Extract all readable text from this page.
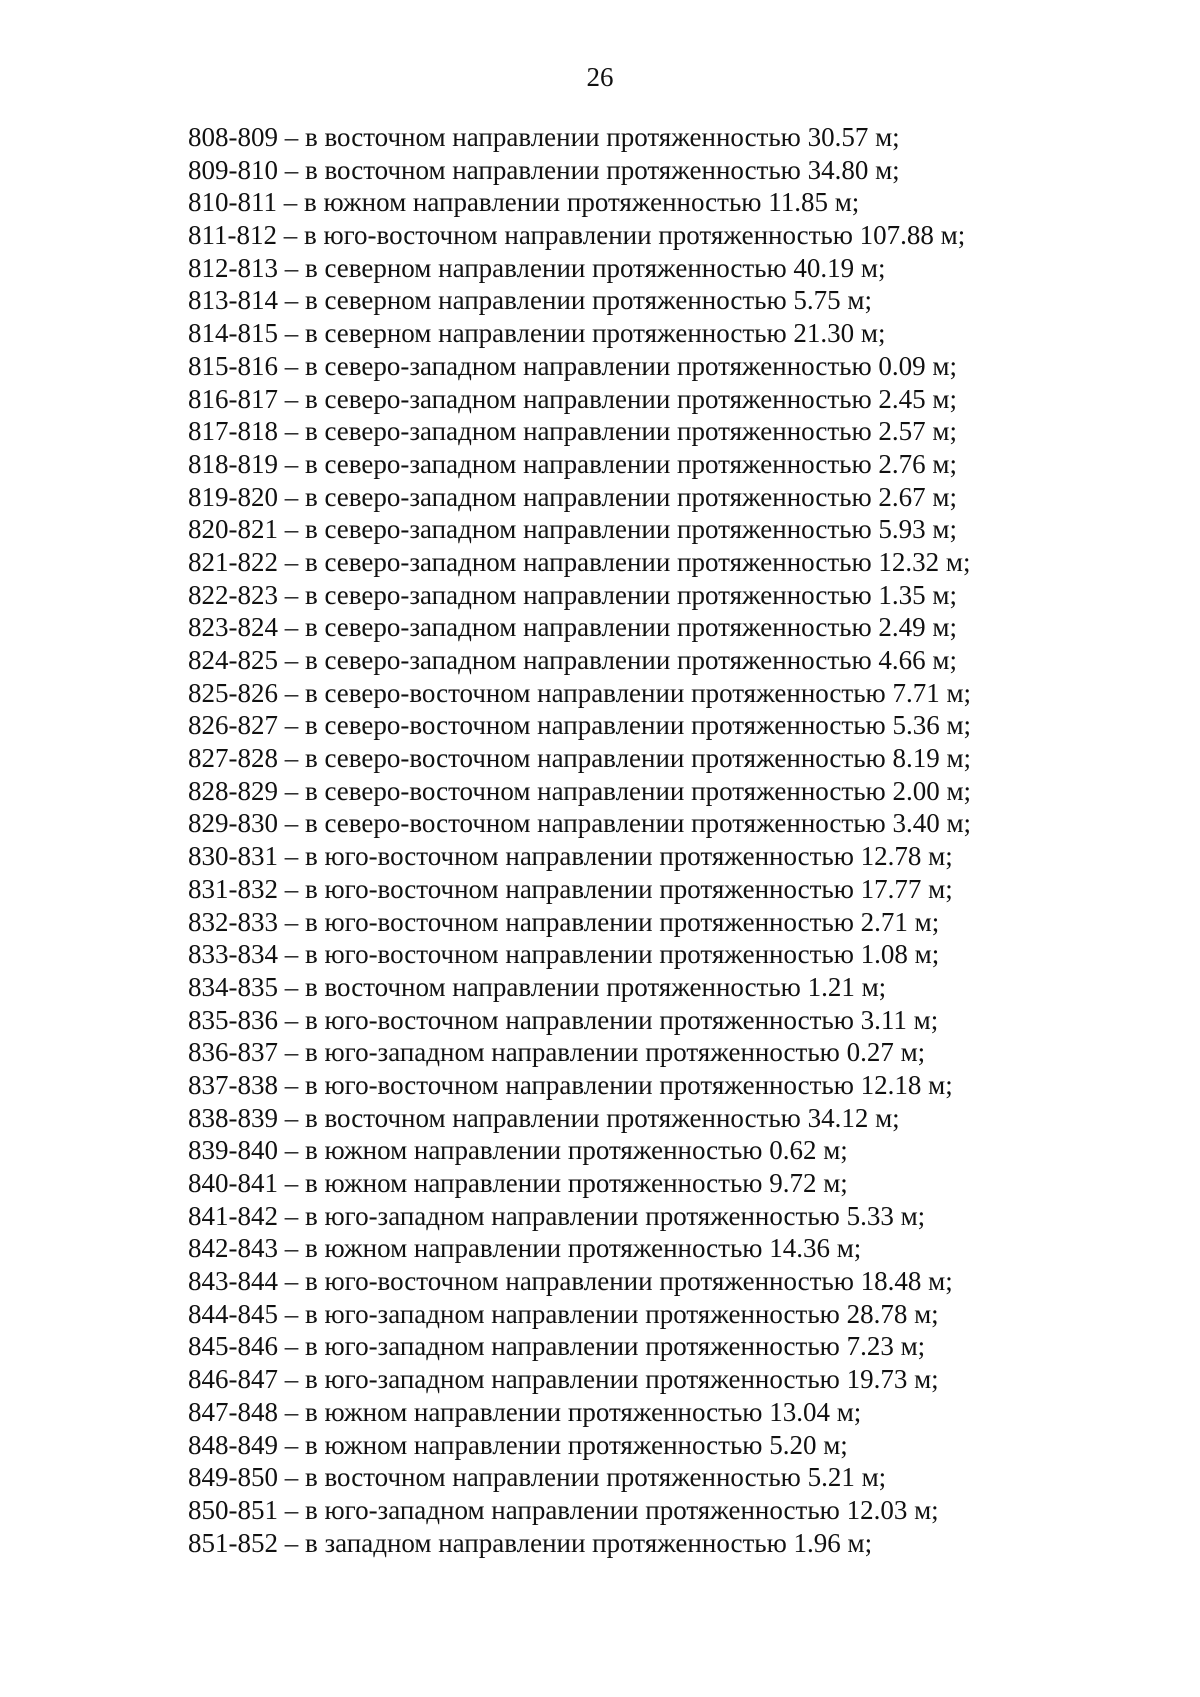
26
808-809 – в восточном направлении протяженностью 30.57 м;
809-810 – в восточном направлении протяженностью 34.80 м;
810-811 – в южном направлении протяженностью 11.85 м;
811-812 – в юго-восточном направлении протяженностью 107.88 м;
812-813 – в северном направлении протяженностью 40.19 м;
813-814 – в северном направлении протяженностью 5.75 м;
814-815 – в северном направлении протяженностью 21.30 м;
815-816 – в северо-западном направлении протяженностью 0.09 м;
816-817 – в северо-западном направлении протяженностью 2.45 м;
817-818 – в северо-западном направлении протяженностью 2.57 м;
818-819 – в северо-западном направлении протяженностью 2.76 м;
819-820 – в северо-западном направлении протяженностью 2.67 м;
820-821 – в северо-западном направлении протяженностью 5.93 м;
821-822 – в северо-западном направлении протяженностью 12.32 м;
822-823 – в северо-западном направлении протяженностью 1.35 м;
823-824 – в северо-западном направлении протяженностью 2.49 м;
824-825 – в северо-западном направлении протяженностью 4.66 м;
825-826 – в северо-восточном направлении протяженностью 7.71 м;
826-827 – в северо-восточном направлении протяженностью 5.36 м;
827-828 – в северо-восточном направлении протяженностью 8.19 м;
828-829 – в северо-восточном направлении протяженностью 2.00 м;
829-830 – в северо-восточном направлении протяженностью 3.40 м;
830-831 – в юго-восточном направлении протяженностью 12.78 м;
831-832 – в юго-восточном направлении протяженностью 17.77 м;
832-833 – в юго-восточном направлении протяженностью 2.71 м;
833-834 – в юго-восточном направлении протяженностью 1.08 м;
834-835 – в восточном направлении протяженностью 1.21 м;
835-836 – в юго-восточном направлении протяженностью 3.11 м;
836-837 – в юго-западном направлении протяженностью 0.27 м;
837-838 – в юго-восточном направлении протяженностью 12.18 м;
838-839 – в восточном направлении протяженностью 34.12 м;
839-840 – в южном направлении протяженностью 0.62 м;
840-841 – в южном направлении протяженностью 9.72 м;
841-842 – в юго-западном направлении протяженностью 5.33 м;
842-843 – в южном направлении протяженностью 14.36 м;
843-844 – в юго-восточном направлении протяженностью 18.48 м;
844-845 – в юго-западном направлении протяженностью 28.78 м;
845-846 – в юго-западном направлении протяженностью 7.23 м;
846-847 – в юго-западном направлении протяженностью 19.73 м;
847-848 – в южном направлении протяженностью 13.04 м;
848-849 – в южном направлении протяженностью 5.20 м;
849-850 – в восточном направлении протяженностью 5.21 м;
850-851 – в юго-западном направлении протяженностью 12.03 м;
851-852 – в западном направлении протяженностью 1.96 м;
